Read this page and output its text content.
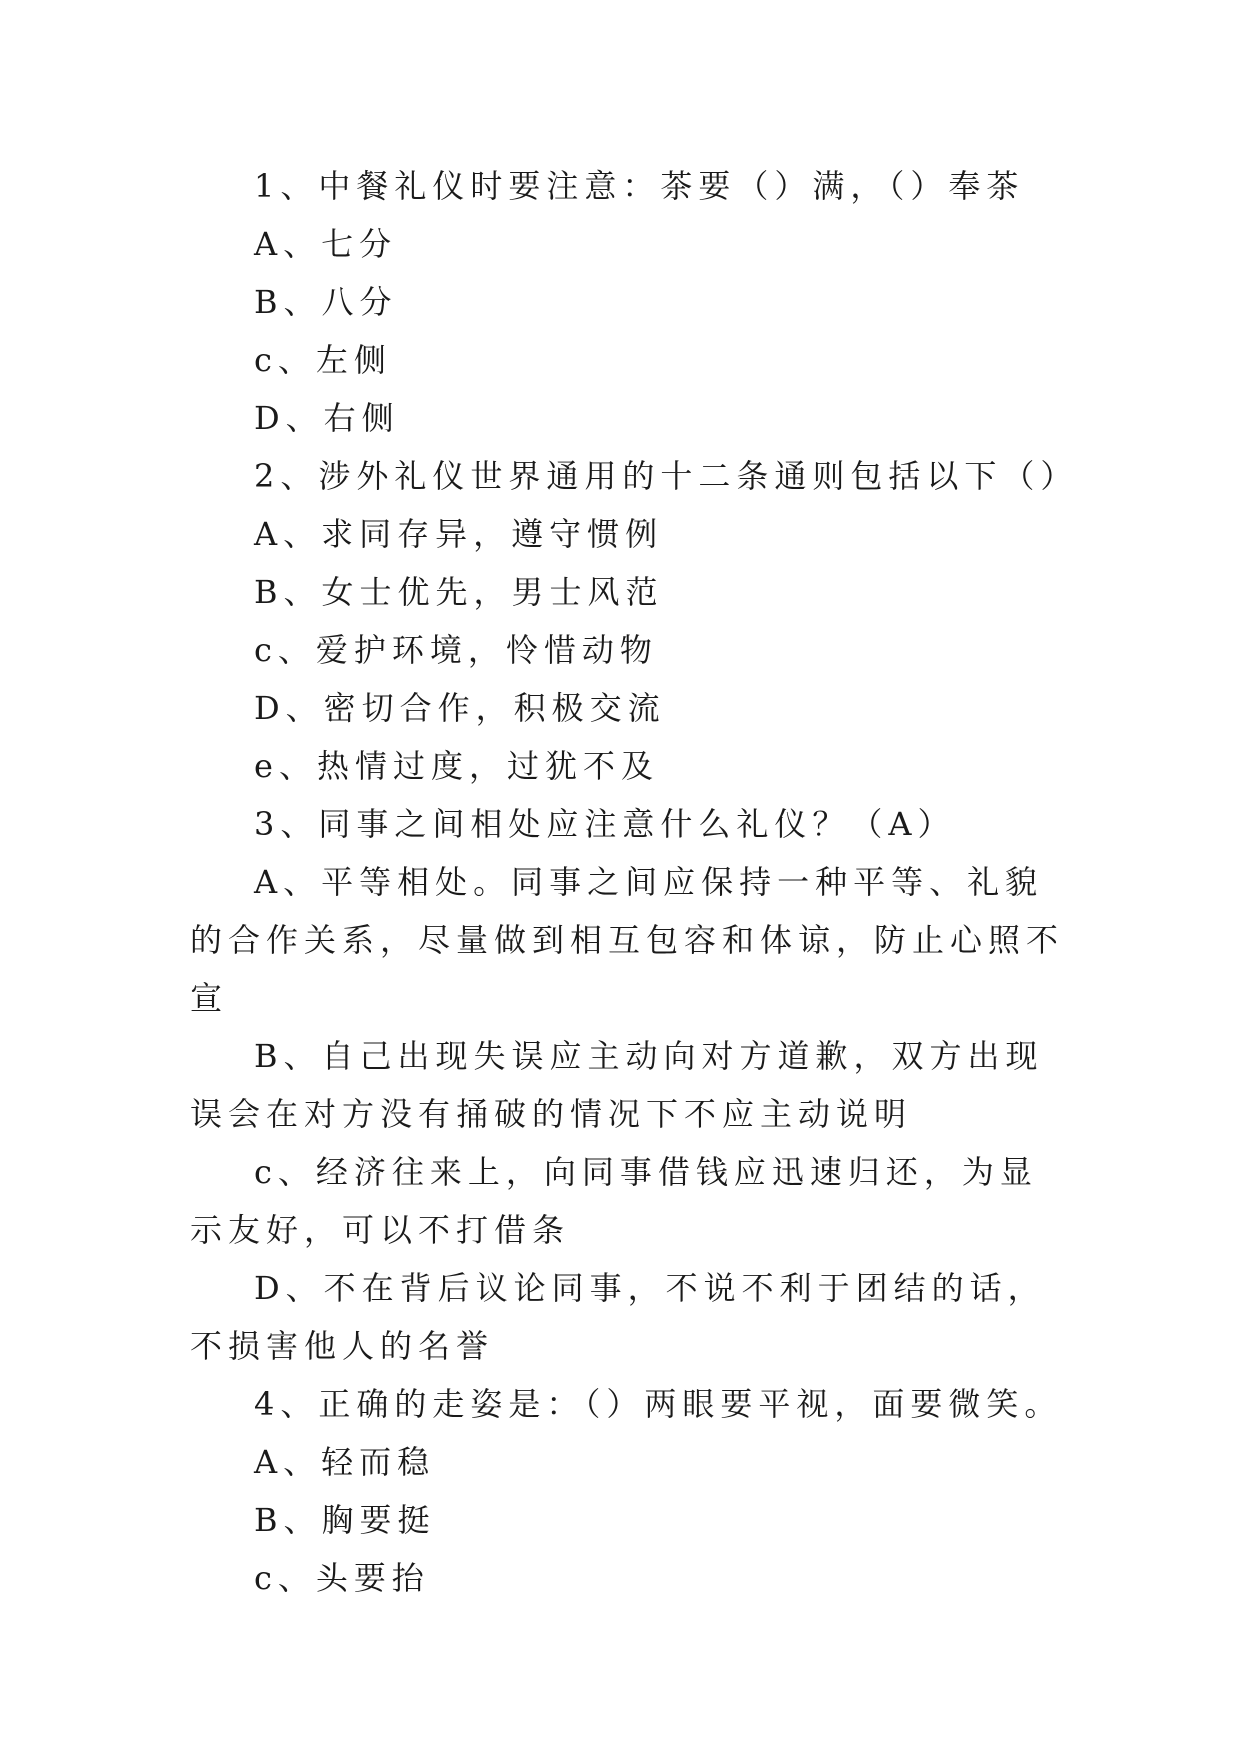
1、中餐礼仪时要注意：茶要（）满，（）奉茶

A、七分

B、八分

c、左侧

D、右侧

2、涉外礼仪世界通用的十二条通则包括以下（）

A、求同存异，遵守惯例

B、女士优先，男士风范

c、爱护环境，怜惜动物

D、密切合作，积极交流

e、热情过度，过犹不及

3、同事之间相处应注意什么礼仪？（A）

A、平等相处。同事之间应保持一种平等、礼貌的合作关系，尽量做到相互包容和体谅，防止心照不宣

B、自己出现失误应主动向对方道歉，双方出现误会在对方没有捅破的情况下不应主动说明

c、经济往来上，向同事借钱应迅速归还，为显示友好，可以不打借条

D、不在背后议论同事，不说不利于团结的话，不损害他人的名誉

4、正确的走姿是：（）两眼要平视，面要微笑。

A、轻而稳

B、胸要挺

c、头要抬
